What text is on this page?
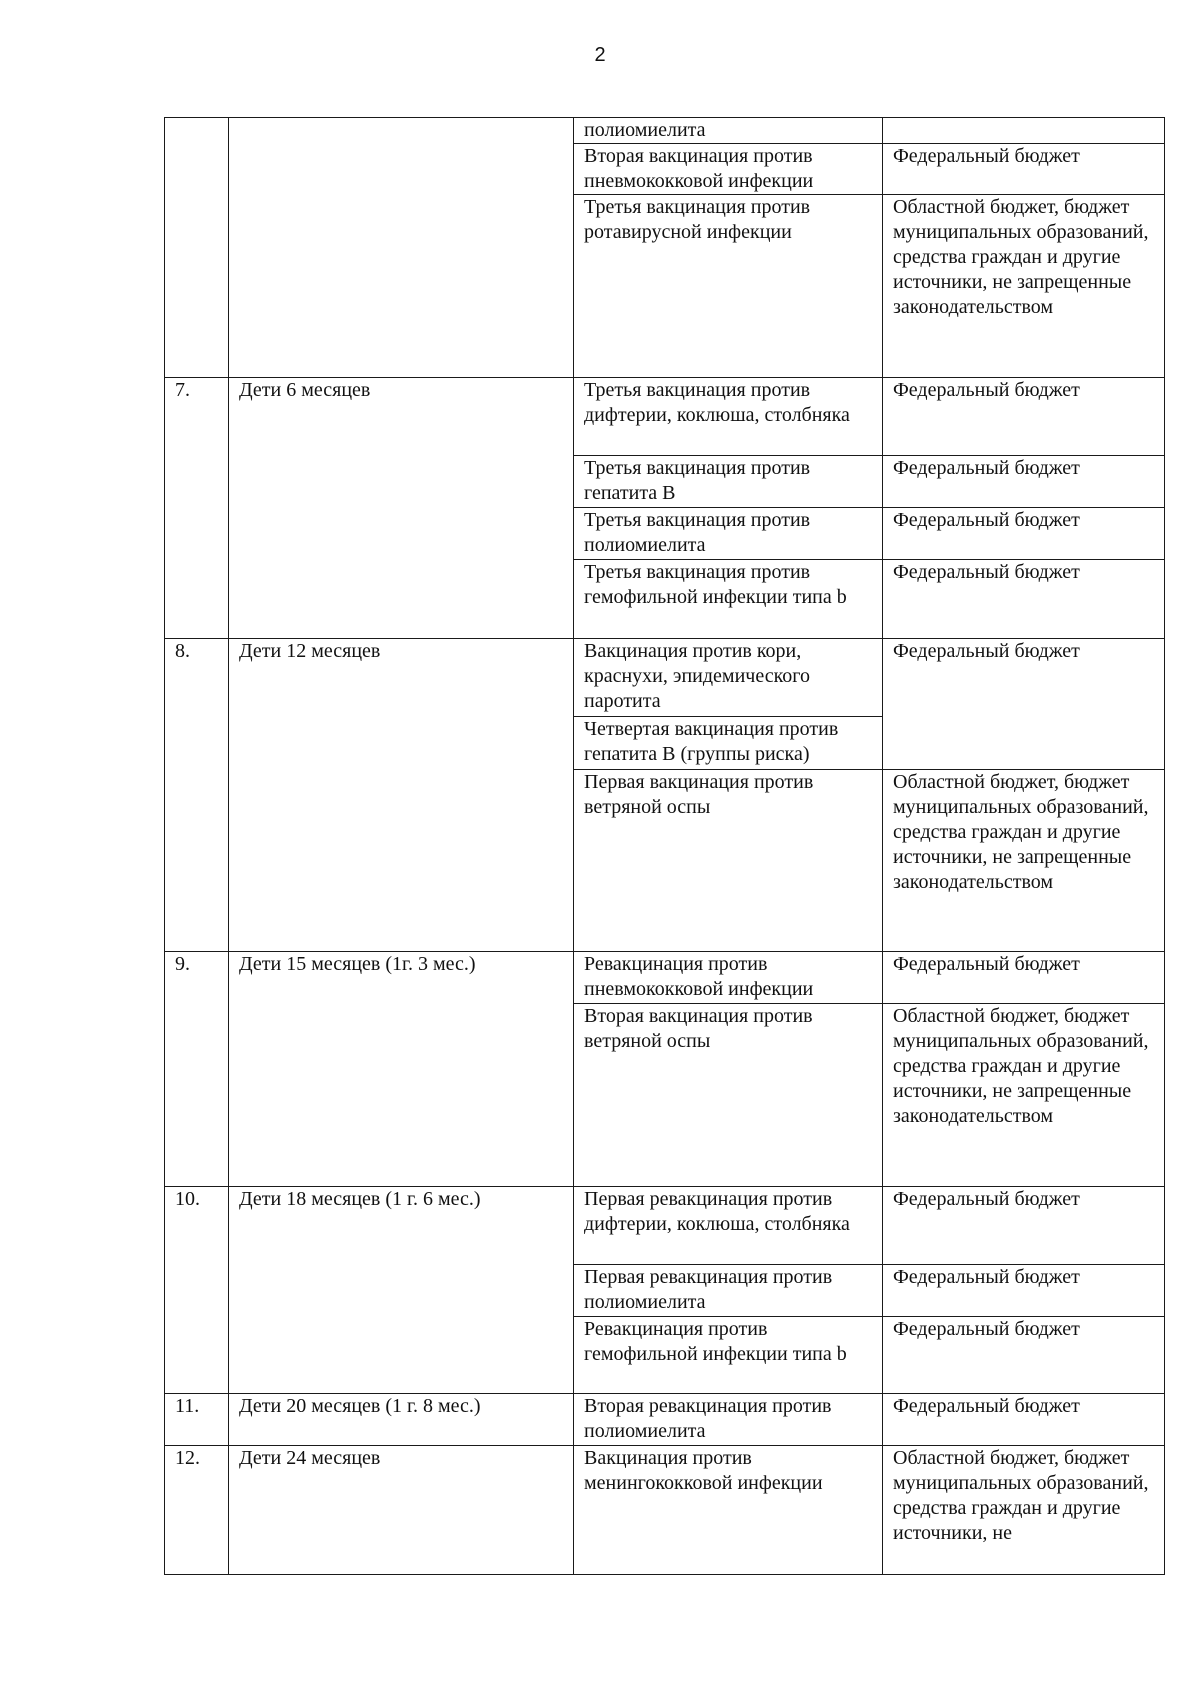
2
		полиомиелита	
		Вторая вакцинация против пневмококковой инфекции	Федеральный бюджет
		Третья вакцинация против ротавирусной инфекции	Областной бюджет, бюджет муниципальных образований, средства граждан и другие источники, не запрещенные законодательством
7.	Дети 6 месяцев	Третья вакцинация против дифтерии, коклюша, столбняка	Федеральный бюджет
		Третья вакцинация против гепатита В	Федеральный бюджет
		Третья вакцинация против полиомиелита	Федеральный бюджет
		Третья вакцинация против гемофильной инфекции типа b	Федеральный бюджет
8.	Дети 12 месяцев	Вакцинация против кори, краснухи, эпидемического паротита	Федеральный бюджет
		Четвертая вакцинация против гепатита В (группы риска)	
		Первая вакцинация против ветряной оспы	Областной бюджет, бюджет муниципальных образований, средства граждан и другие источники, не запрещенные законодательством
9.	Дети 15 месяцев (1г. 3 мес.)	Ревакцинация против пневмококковой инфекции	Федеральный бюджет
		Вторая вакцинация против ветряной оспы	Областной бюджет, бюджет муниципальных образований, средства граждан и другие источники, не запрещенные законодательством
10.	Дети 18 месяцев (1 г. 6 мес.)	Первая ревакцинация против дифтерии, коклюша, столбняка	Федеральный бюджет
		Первая ревакцинация против полиомиелита	Федеральный бюджет
		Ревакцинация против гемофильной инфекции типа b	Федеральный бюджет
11.	Дети 20 месяцев (1 г. 8 мес.)	Вторая ревакцинация против полиомиелита	Федеральный бюджет
12.	Дети 24 месяцев	Вакцинация против менингококковой инфекции	Областной бюджет, бюджет муниципальных образований, средства граждан и другие источники, не
